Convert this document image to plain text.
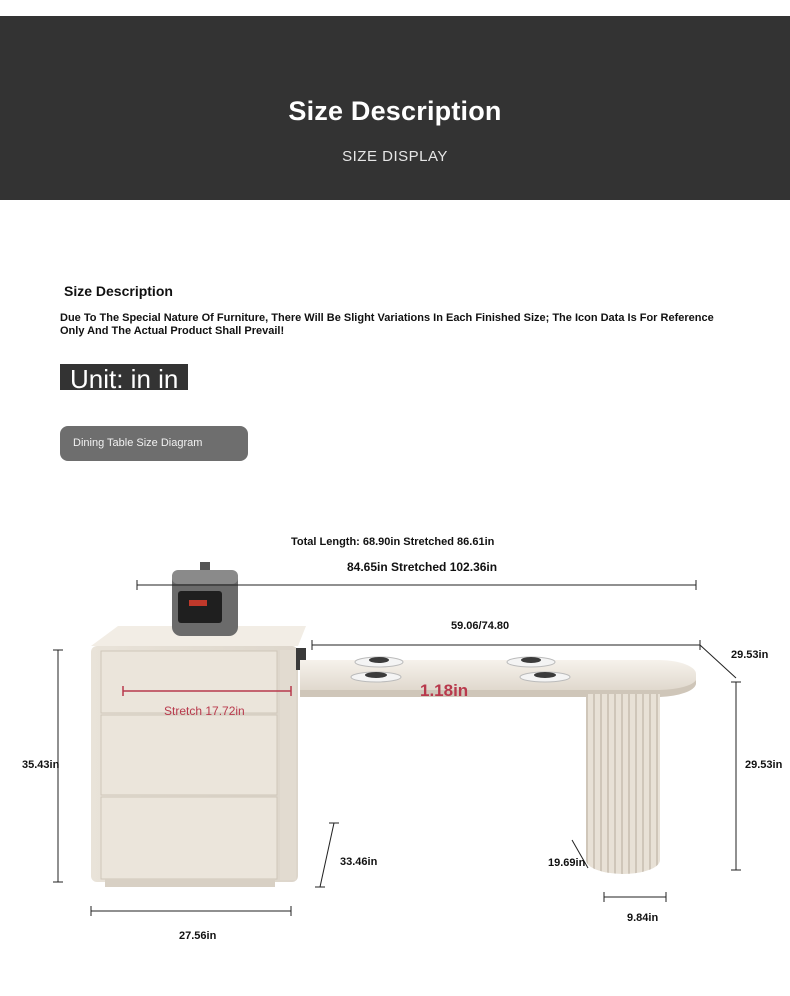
Size Description
SIZE DISPLAY
Size Description
Due To The Special Nature Of Furniture, There Will Be Slight Variations In Each Finished Size; The Icon Data Is For Reference Only And The Actual Product Shall Prevail!
Unit: in in
Dining Table Size Diagram
Total Length: 68.90in Stretched 86.61in
84.65in Stretched 102.36in
59.06/74.80
29.53in
1.18in
Stretch 17.72in
35.43in	29.53in
33.46in	19.69in
9.84in
27.56in
